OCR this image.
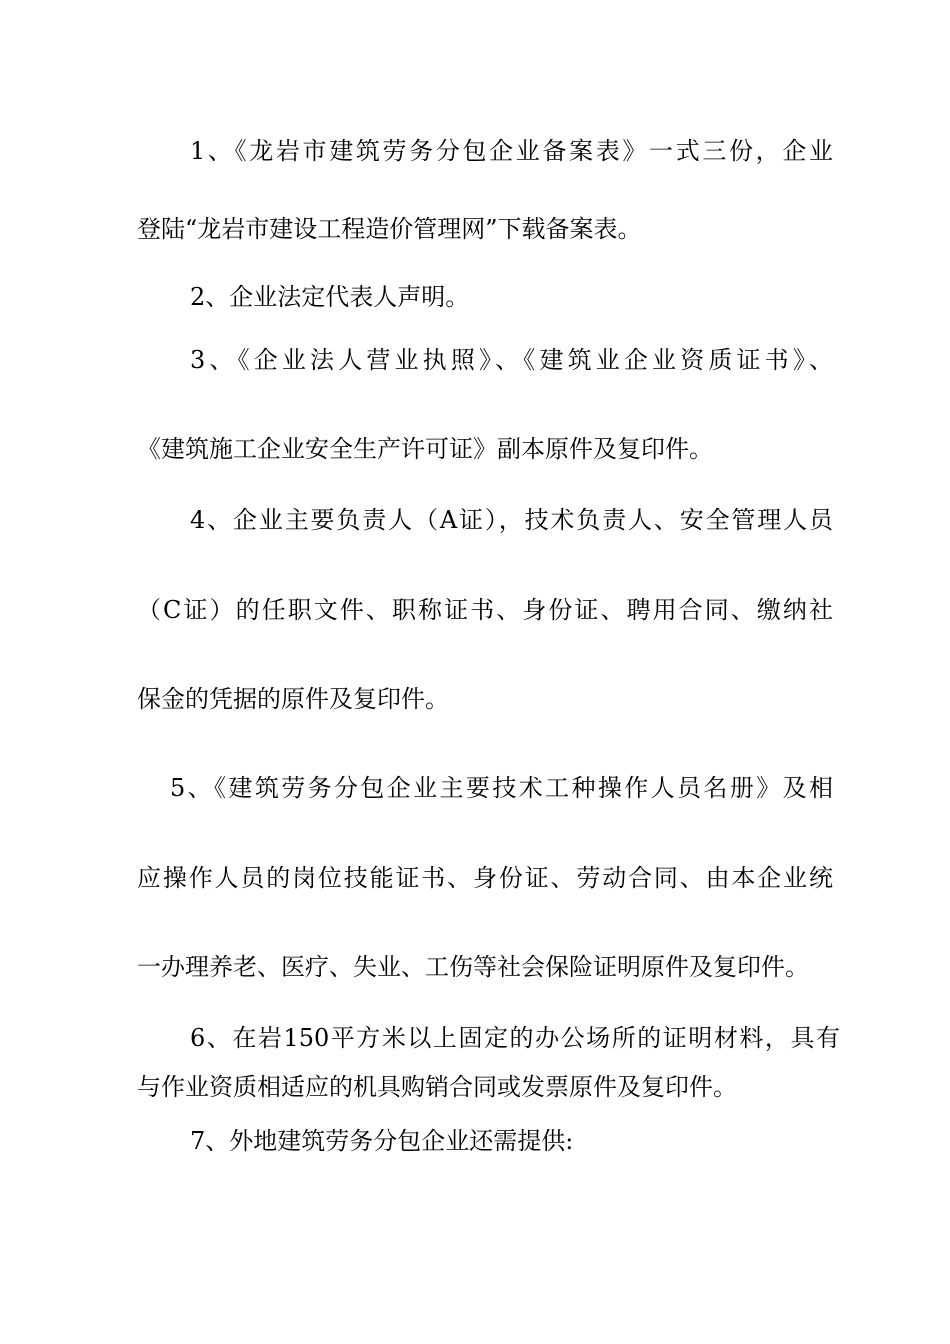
1、《龙岩市建筑劳务分包企业备案表》一式三份，企业
登陆“龙岩市建设工程造价管理网”下载备案表。
2、企业法定代表人声明。
3、《企业法人营业执照》、《建筑业企业资质证书》、
《建筑施工企业安全生产许可证》副本原件及复印件。
4、企业主要负责人（A证），技术负责人、安全管理人员
（C证）的任职文件、职称证书、身份证、聘用合同、缴纳社
保金的凭据的原件及复印件。
5、《建筑劳务分包企业主要技术工种操作人员名册》及相
应操作人员的岗位技能证书、身份证、劳动合同、由本企业统
一办理养老、医疗、失业、工伤等社会保险证明原件及复印件。
6、在岩150平方米以上固定的办公场所的证明材料，具有
与作业资质相适应的机具购销合同或发票原件及复印件。
7、外地建筑劳务分包企业还需提供:
